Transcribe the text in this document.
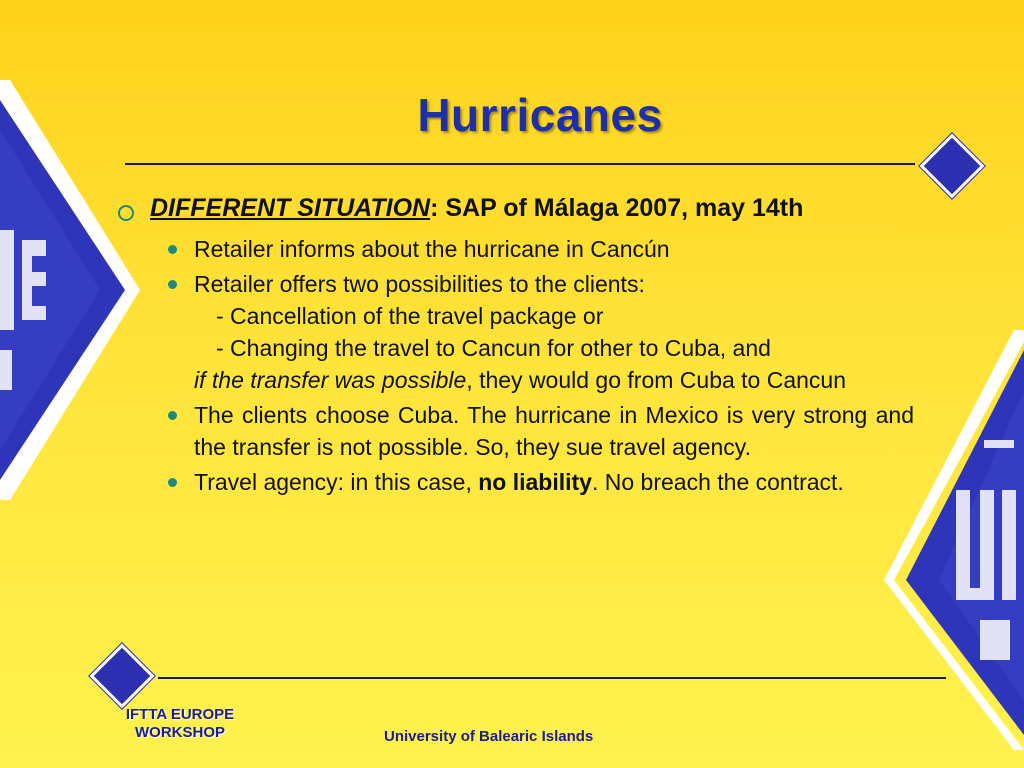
Hurricanes
DIFFERENT SITUATION: SAP of Málaga 2007, may 14th
Retailer informs about the hurricane in Cancún
Retailer offers two possibilities to the clients:
- Cancellation of the travel package or
- Changing the travel to Cancun for other to Cuba, and
if the transfer was possible, they would go from Cuba to Cancun
The clients choose Cuba. The hurricane in Mexico is very strong and the transfer is not possible. So, they sue travel agency.
Travel agency: in this case, no liability. No breach the contract.
IFTTA EUROPE
WORKSHOP	University of Balearic Islands
